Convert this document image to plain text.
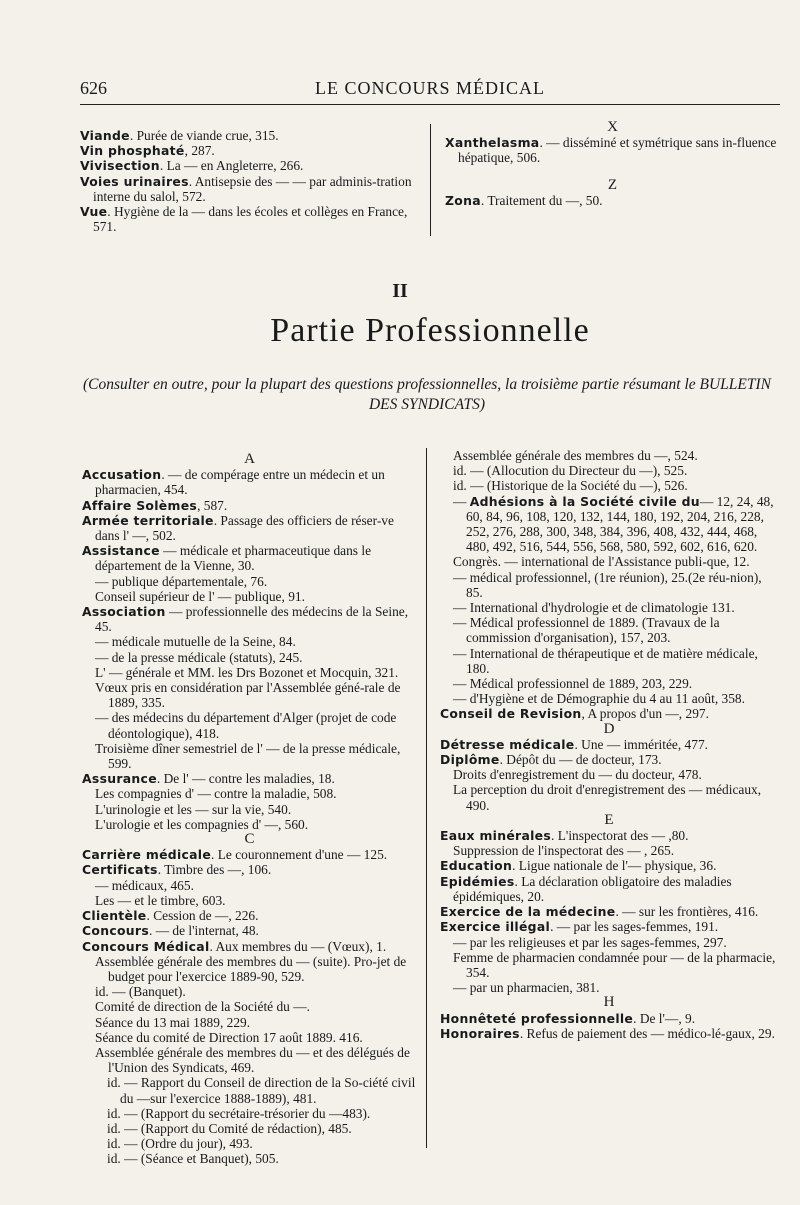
626	LE CONCOURS MÉDICAL

Viande. Purée de viande crue, 315.

Vin phosphaté, 287.

Vivisection. La — en Angleterre, 266.

Voies urinaires. Antisepsie des — — par adminis-tration interne du salol, 572.

Vue. Hygiène de la — dans les écoles et collèges en France, 571.

X

Xanthelasma. — disséminé et symétrique sans in-fluence hépatique, 506.

Z

Zona. Traitement du —, 50.

II
Partie Professionnelle
(Consulter en outre, pour la plupart des questions professionnelles, la troisième partie résumant le BULLETIN DES SYNDICATS)

A

Accusation. — de compérage entre un médecin et un pharmacien, 454.

Affaire Solèmes, 587.

Armée territoriale. Passage des officiers de réser-ve dans l' —, 502.

Assistance — médicale et pharmaceutique dans le département de la Vienne, 30.

— publique départementale, 76.

Conseil supérieur de l' — publique, 91.

Association — professionnelle des médecins de la Seine, 45.

— médicale mutuelle de la Seine, 84.

— de la presse médicale (statuts), 245.

L' — générale et MM. les Drs Bozonet et Mocquin, 321.

Vœux pris en considération par l'Assemblée géné-rale de 1889, 335.

— des médecins du département d'Alger (projet de code déontologique), 418.

Troisième dîner semestriel de l' — de la presse médicale, 599.

Assurance. De l' — contre les maladies, 18.

Les compagnies d' — contre la maladie, 508.

L'urinologie et les — sur la vie, 540.

L'urologie et les compagnies d' —, 560.

C

Carrière médicale. Le couronnement d'une — 125.

Certificats. Timbre des —, 106.

— médicaux, 465.

Les — et le timbre, 603.

Clientèle. Cession de —, 226.

Concours. — de l'internat, 48.

Concours Médical. Aux membres du — (Vœux), 1.

Assemblée générale des membres du — (suite). Pro-jet de budget pour l'exercice 1889-90, 529.

id. — (Banquet).

Comité de direction de la Société du —.

Séance du 13 mai 1889, 229.

Séance du comité de Direction 17 août 1889. 416.

Assemblée générale des membres du — et des délégués de l'Union des Syndicats, 469.

id. — Rapport du Conseil de direction de la So-ciété civil du —sur l'exercice 1888-1889), 481.

id. — (Rapport du secrétaire-trésorier du —483).

id. — (Rapport du Comité de rédaction), 485.

id. — (Ordre du jour), 493.

id. — (Séance et Banquet), 505.

Assemblée générale des membres du —, 524.

id. — (Allocution du Directeur du —), 525.

id. — (Historique de la Société du —), 526.

— Adhésions à la Société civile du— 12, 24, 48, 60, 84, 96, 108, 120, 132, 144, 180, 192, 204, 216, 228, 252, 276, 288, 300, 348, 384, 396, 408, 432, 444, 468, 480, 492, 516, 544, 556, 568, 580, 592, 602, 616, 620.

Congrès. — international de l'Assistance publi-que, 12.

— médical professionnel, (1re réunion), 25.(2e réu-nion), 85.

— International d'hydrologie et de climatologie 131.

— Médical professionnel de 1889. (Travaux de la commission d'organisation), 157, 203.

— International de thérapeutique et de matière médicale, 180.

— Médical professionnel de 1889, 203, 229.

— d'Hygiène et de Démographie du 4 au 11 août, 358.

Conseil de Revision, A propos d'un —, 297.

D

Détresse médicale. Une — imméritée, 477.

Diplôme. Dépôt du — de docteur, 173.

Droits d'enregistrement du — du docteur, 478.

La perception du droit d'enregistrement des — médicaux, 490.

E

Eaux minérales. L'inspectorat des — ,80.

Suppression de l'inspectorat des — , 265.

Education. Ligue nationale de l'— physique, 36.

Epidémies. La déclaration obligatoire des maladies épidémiques, 20.

Exercice de la médecine. — sur les frontières, 416.

Exercice illégal. — par les sages-femmes, 191.

— par les religieuses et par les sages-femmes, 297.

Femme de pharmacien condamnée pour — de la pharmacie, 354.

— par un pharmacien, 381.

H

Honnêteté professionnelle. De l'—, 9.

Honoraires. Refus de paiement des — médico-lé-gaux, 29.
